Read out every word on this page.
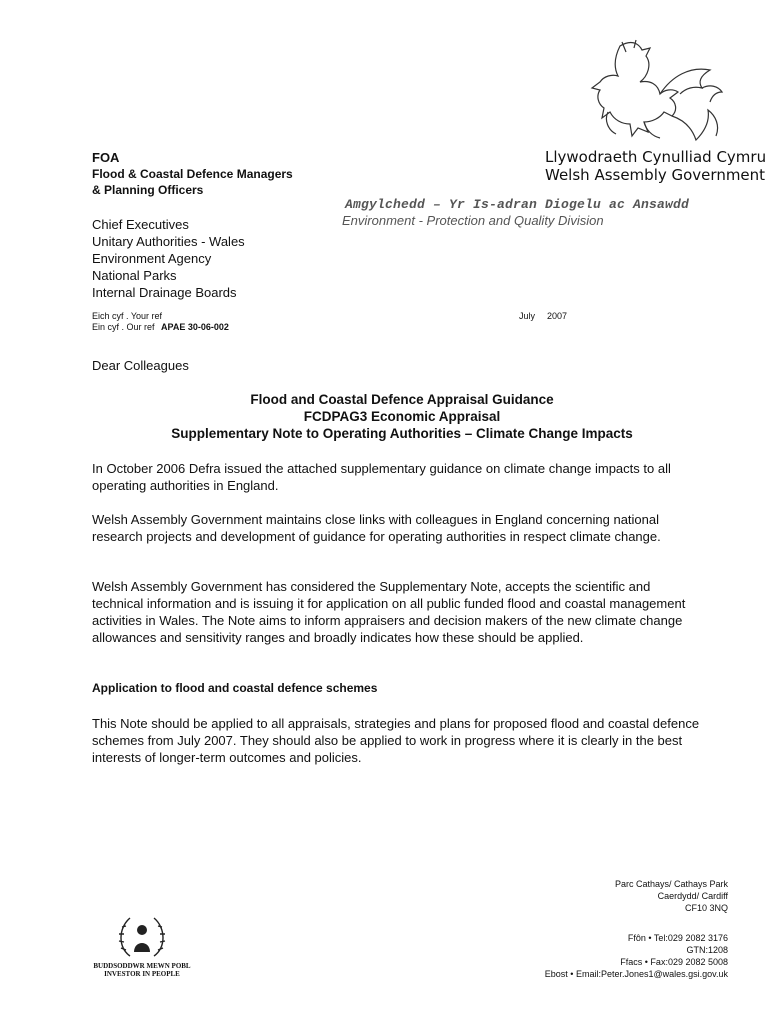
Llywodraeth Cynulliad Cymru
Welsh Assembly Government
Amgylchedd – Yr Is-adran Diogelu ac Ansawdd
Environment - Protection and Quality Division
FOA
Flood & Coastal Defence Managers
& Planning Officers
Chief Executives
Unitary Authorities - Wales
Environment Agency
National Parks
Internal Drainage Boards
Eich cyf . Your ref
Ein cyf . Our ref APAE 30-06-002
July 2007
Dear Colleagues
Flood and Coastal Defence Appraisal Guidance
FCDPAG3 Economic Appraisal
Supplementary Note to Operating Authorities – Climate Change Impacts
In October 2006 Defra issued the attached supplementary guidance on climate change impacts to all operating authorities in England.
Welsh Assembly Government maintains close links with colleagues in England concerning national research projects and development of guidance for operating authorities in respect climate change.
Welsh Assembly Government has considered the Supplementary Note, accepts the scientific and technical information and is issuing it for application on all public funded flood and coastal management activities in Wales. The Note aims to inform appraisers and decision makers of the new climate change allowances and sensitivity ranges and broadly indicates how these should be applied.
Application to flood and coastal defence schemes
This Note should be applied to all appraisals, strategies and plans for proposed flood and coastal defence schemes from July 2007. They should also be applied to work in progress where it is clearly in the best interests of longer-term outcomes and policies.
BUDDSODDWR MEWN POBL
INVESTOR IN PEOPLE
Parc Cathays/ Cathays Park
Caerdydd/ Cardiff
CF10 3NQ
Ffôn • Tel:029 2082 3176
GTN:1208
Ffacs • Fax:029 2082 5008
Ebost • Email:Peter.Jones1@wales.gsi.gov.uk
